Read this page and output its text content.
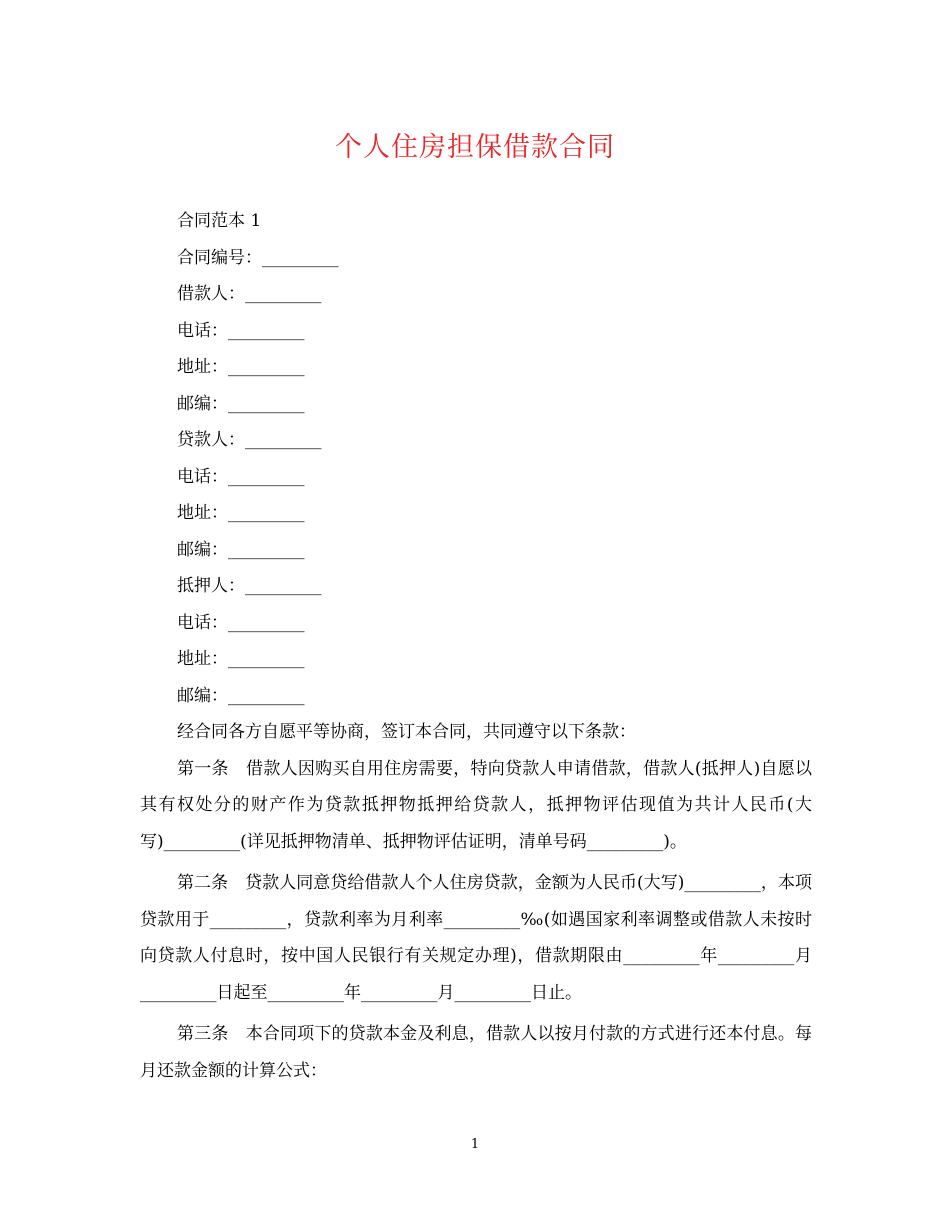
个人住房担保借款合同
合同范本 1
合同编号：_________
借款人：_________
电话：_________
地址：_________
邮编：_________
贷款人：_________
电话：_________
地址：_________
邮编：_________
抵押人：_________
电话：_________
地址：_________
邮编：_________

经合同各方自愿平等协商，签订本合同，共同遵守以下条款：

第一条　借款人因购买自用住房需要，特向贷款人申请借款，借款人(抵押人)自愿以其有权处分的财产作为贷款抵押物抵押给贷款人，抵押物评估现值为共计人民币(大写)_________(详见抵押物清单、抵押物评估证明，清单号码_________)。

第二条　贷款人同意贷给借款人个人住房贷款，金额为人民币(大写)_________，本项贷款用于_________，贷款利率为月利率_________‰(如遇国家利率调整或借款人未按时向贷款人付息时，按中国人民银行有关规定办理)，借款期限由_________年_________月_________日起至_________年_________月_________日止。

第三条　本合同项下的贷款本金及利息，借款人以按月付款的方式进行还本付息。每月还款金额的计算公式：

1
